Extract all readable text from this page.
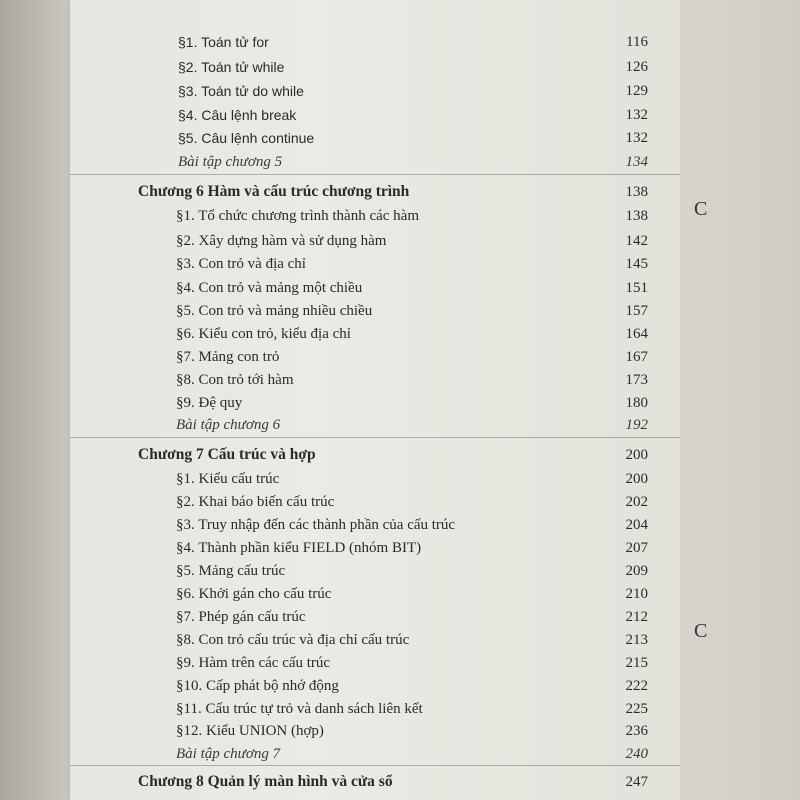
§1. Toán tử for	116
§2. Toán tử while	126
§3. Toán tử do while	129
§4. Câu lệnh break	132
§5. Câu lệnh continue	132
Bài tập chương 5	134
Chương 6 Hàm và cấu trúc chương trình	138
§1. Tổ chức chương trình thành các hàm	138
§2. Xây dựng hàm và sử dụng hàm	142
§3. Con trỏ và địa chỉ	145
§4. Con trỏ và mảng một chiều	151
§5. Con trỏ và mảng nhiều chiều	157
§6. Kiểu con trỏ, kiểu địa chỉ	164
§7. Mảng con trỏ	167
§8. Con trỏ tới hàm	173
§9. Đệ quy	180
Bài tập chương 6	192
Chương 7 Cấu trúc và hợp	200
§1. Kiểu cấu trúc	200
§2. Khai báo biến cấu trúc	202
§3. Truy nhập đến các thành phần của cấu trúc	204
§4. Thành phần kiểu FIELD (nhóm BIT)	207
§5. Mảng cấu trúc	209
§6. Khởi gán cho cấu trúc	210
§7. Phép gán cấu trúc	212
§8. Con trỏ cấu trúc và địa chỉ cấu trúc	213
§9. Hàm trên các cấu trúc	215
§10. Cấp phát bộ nhớ động	222
§11. Cấu trúc tự trỏ và danh sách liên kết	225
§12. Kiểu UNION (hợp)	236
Bài tập chương 7	240
Chương 8 Quản lý màn hình và cửa sổ	247
C
C
